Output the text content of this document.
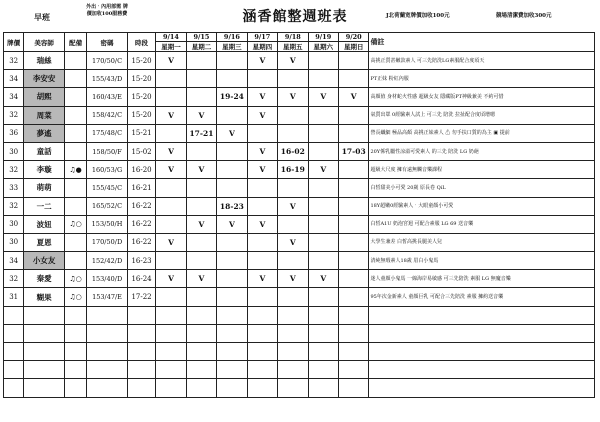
早班
外出‧內用部需 牌
價加收100服務費	涵香館整週班表	J北荷蘭宽牌價加收100元	競場清潔費加收300元
牌價	美容師	配備	密碼	時段	9/14	9/15	9/16	9/17	9/18	9/19	9/20	備註
					星期一	星期二	星期三	星期四	星期五	星期六	星期日	
32	瑞絲		170/50/C	15-20	V			V	V			高挑正質甚嫩款素人 可三先陪洗LG素服配合度頃天
34	李安安		155/43/D	15-20								PT正妹 粉紅內服
34	胡熙		160/43/E	15-20			19-24	V	V	V	V	高顏值 身材蛇火性感 超級女友 隱藏版PT神級兼美 不約可惜
32	周菜		158/42/C	15-20	V	V		V				氣質出眾 0經驗素人試上 可三先 陪洗 拉扯配合度頃增嗯
36	夢遙		175/48/C	15-21		17-21	V					營長纖細 極品高顏 高挑正妹素人 ⚠ 勿手扶口質的為主 ▣ 提前
30	童話		158/50/F	15-02	V			V	16-02		17-03	20Y係乳屬性涼溢可愛素人 的三先 陪洗 LG 奶葩
32	李璇	♫●	160/53/G	16-20	V	V		V	16-19	V		超級大尺度 擁有遠無觸音樂課程
33	萌萌		155/45/C	16-21								白皙甜美小可愛 20歲 原長卷 QiL
32	一二		165/52/C	16-22			18-23		V			18Y超嫩0經驗素人‧大眼童顏小可愛
30	波妞	♫○	153/50/H	16-22		V	V	V				白皙A1U 奶泡宮迴 可配合素服 LG 69 送音樂
30	夏恩		170/50/D	16-22	V				V			大學生兼差 白皙高挑長腿美人兒
34	小女友		152/42/D	16-23								清純無瑕素人18歲 眉白小鬼馬
32	秦愛	♫○	153/40/D	16-24	V	V		V	V	V		迷人童顏小鬼馬 一線海岸易敏感 可三先陪洗 素服 LG 無魔音樂
31	糊果	♫○	153/47/E	17-22								95年次金新素人 童顏巨乳 可配合三先陪洗 素服 擁約送音樂
